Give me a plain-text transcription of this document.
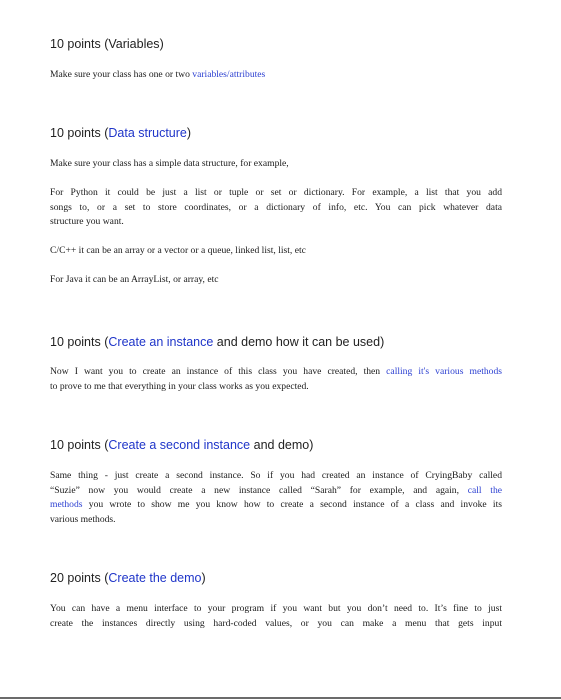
10 points (Variables)

Make sure your class has one or two variables/attributes

10 points (Data structure)

Make sure your class has a simple data structure, for example,

For Python it could be just a list or tuple or set or dictionary. For example, a list that you add
songs to, or a set to store coordinates, or a dictionary of info, etc. You can pick whatever data
structure you want.

C/C++ it can be an array or a vector or a queue, linked list, list, etc

For Java it can be an ArrayList, or array, etc

10 points (Create an instance and demo how it can be used)

Now I want you to create an instance of this class you have created, then calling it's various methods
to prove to me that everything in your class works as you expected.

10 points (Create a second instance and demo)

Same thing - just create a second instance. So if you had created an instance of CryingBaby called
“Suzie” now you would create a new instance called “Sarah” for example, and again, call the
methods you wrote to show me you know how to create a second instance of a class and invoke its
various methods.

20 points (Create the demo)

You can have a menu interface to your program if you want but you don’t need to. It’s fine to just
create the instances directly using hard-coded values, or you can make a menu that gets input
